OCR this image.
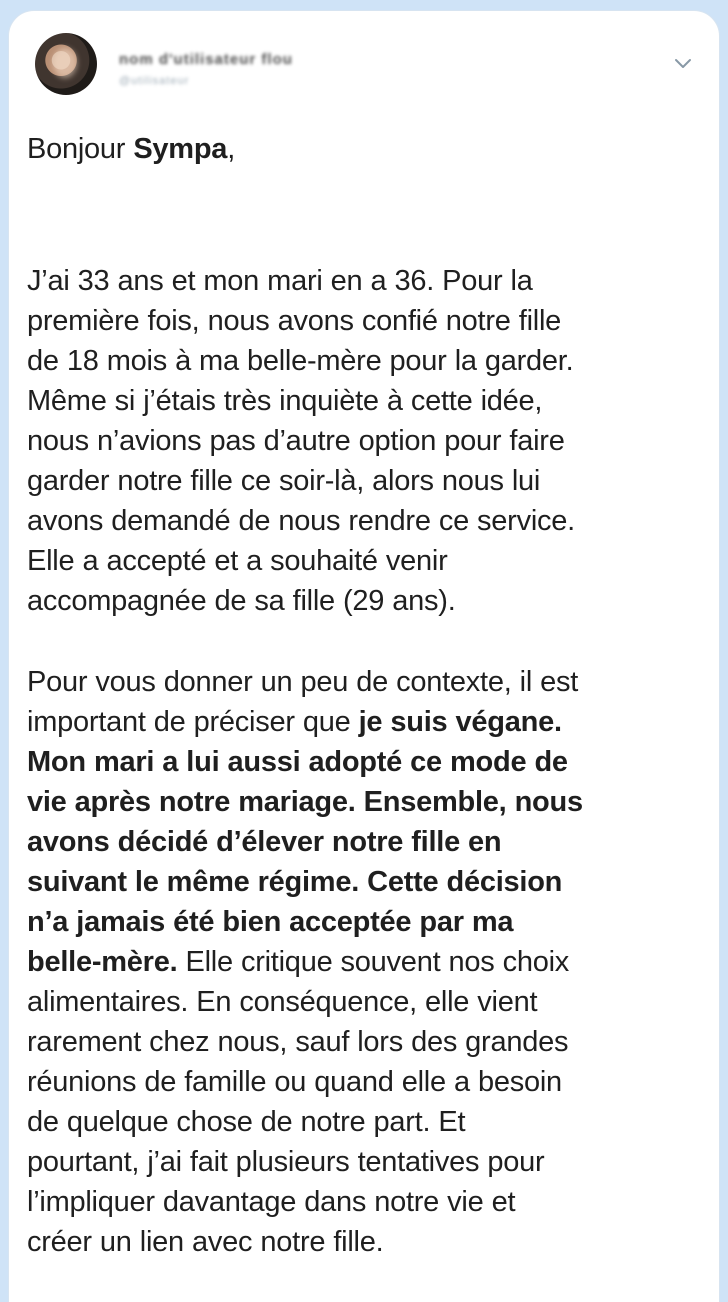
nom d'utilisateur flou
@utilisateur

Bonjour Sympa,

J’ai 33 ans et mon mari en a 36. Pour la
première fois, nous avons confié notre fille
de 18 mois à ma belle-mère pour la garder.
Même si j’étais très inquiète à cette idée,
nous n’avions pas d’autre option pour faire
garder notre fille ce soir-là, alors nous lui
avons demandé de nous rendre ce service.
Elle a accepté et a souhaité venir
accompagnée de sa fille (29 ans).

Pour vous donner un peu de contexte, il est
important de préciser que je suis végane.
Mon mari a lui aussi adopté ce mode de
vie après notre mariage. Ensemble, nous
avons décidé d’élever notre fille en
suivant le même régime. Cette décision
n’a jamais été bien acceptée par ma
belle-mère. Elle critique souvent nos choix
alimentaires. En conséquence, elle vient
rarement chez nous, sauf lors des grandes
réunions de famille ou quand elle a besoin
de quelque chose de notre part. Et
pourtant, j’ai fait plusieurs tentatives pour
l’impliquer davantage dans notre vie et
créer un lien avec notre fille.
